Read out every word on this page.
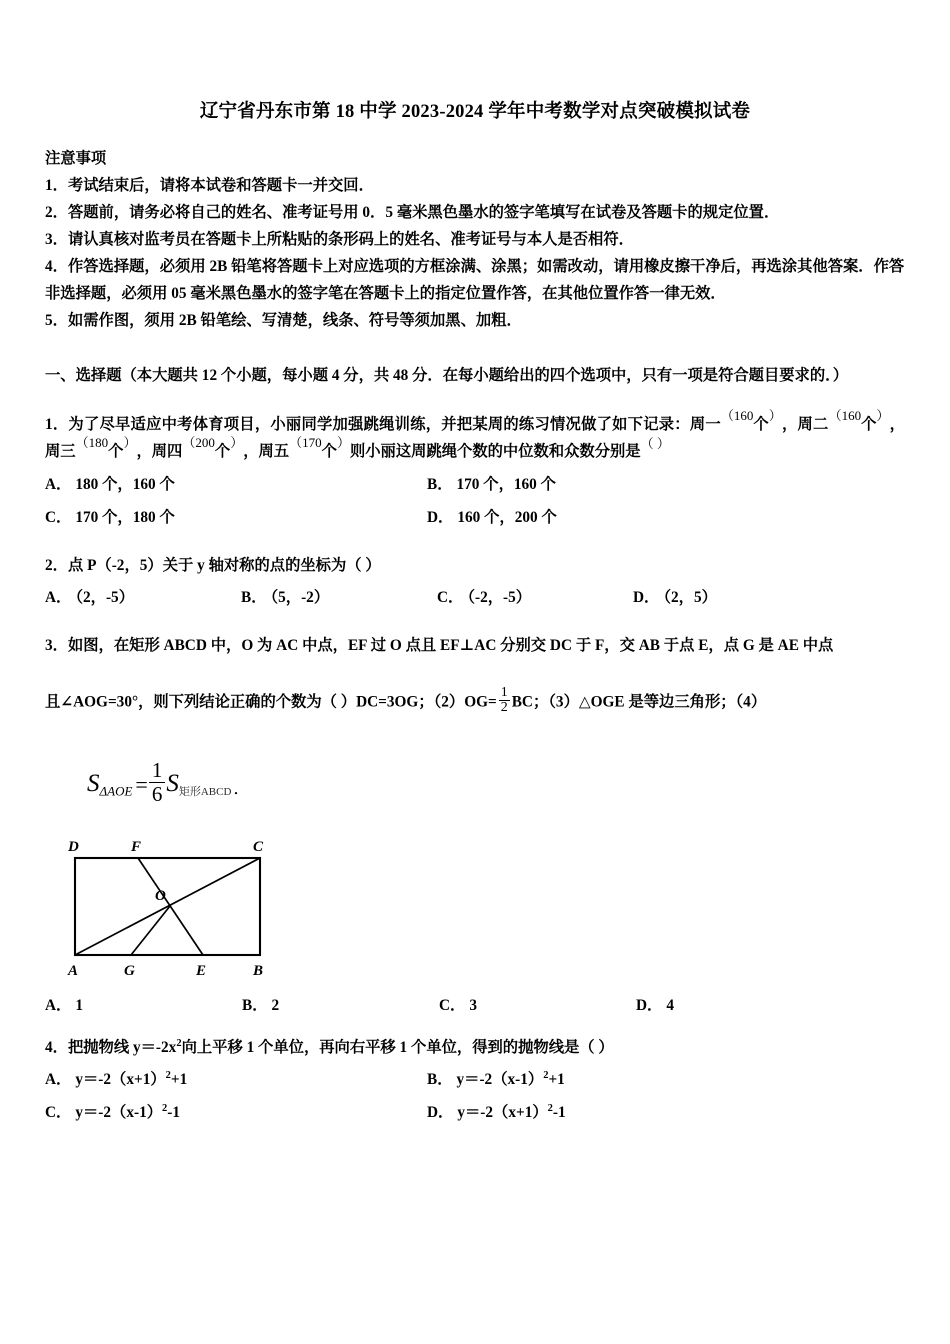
辽宁省丹东市第 18 中学 2023-2024 学年中考数学对点突破模拟试卷
注意事项
1．考试结束后，请将本试卷和答题卡一并交回．
2．答题前，请务必将自己的姓名、准考证号用 0．5 毫米黑色墨水的签字笔填写在试卷及答题卡的规定位置．
3．请认真核对监考员在答题卡上所粘贴的条形码上的姓名、准考证号与本人是否相符．
4．作答选择题，必须用 2B 铅笔将答题卡上对应选项的方框涂满、涂黑；如需改动，请用橡皮擦干净后，再选涂其他答案．作答非选择题，必须用 05 毫米黑色墨水的签字笔在答题卡上的指定位置作答，在其他位置作答一律无效．
5．如需作图，须用 2B 铅笔绘、写清楚，线条、符号等须加黑、加粗．
一、选择题（本大题共 12 个小题，每小题 4 分，共 48 分．在每小题给出的四个选项中，只有一项是符合题目要求的．）
1．为了尽早适应中考体育项目，小丽同学加强跳绳训练，并把某周的练习情况做了如下记录：周一$^{(160}$个），周二$^{(160}$个），周三$^{(180}$个），周四$^{(200}$个），周五$^{(170}$个）则小丽这周跳绳个数的中位数和众数分别是（ ）
A． 180 个，160 个	B． 170 个，160 个
C． 170 个，180 个	D． 160 个，200 个
2．点 P（‑2，5）关于 y 轴对称的点的坐标为（ ）
A． （2，‑5）	B． （5，‑2）	C． （‑2，‑5）	D． （2，5）
3．如图，在矩形 ABCD 中，O 为 AC 中点，EF 过 O 点且 EF⊥AC 分别交 DC 于 F，交 AB 于点 E，点 G 是 AE 中点
且∠AOG=30°，则下列结论正确的个数为（ ）DC=3OG；$(2)OG= \frac{1}{2}$ BC；（3）△OGE 是等边三角形；（4）
$S_{\Delta AOE} = \frac{1}{6} S_{矩形ABCD}$ ．
D	F	C
O
A	G	E	B
A． 1	B． 2	C． 3	D． 4
4．把抛物线 $y=‑2x^2$向上平移 1 个单位，再向右平移 1 个单位，得到的抛物线是（ ）
A． $y=‑2(x+1)^2+1$	B． y＝‑2（x‑1）$^2$+1
C． y＝‑2（x‑1）$^2$‑1	D． $y=‑2(x+1)^2‑1$
